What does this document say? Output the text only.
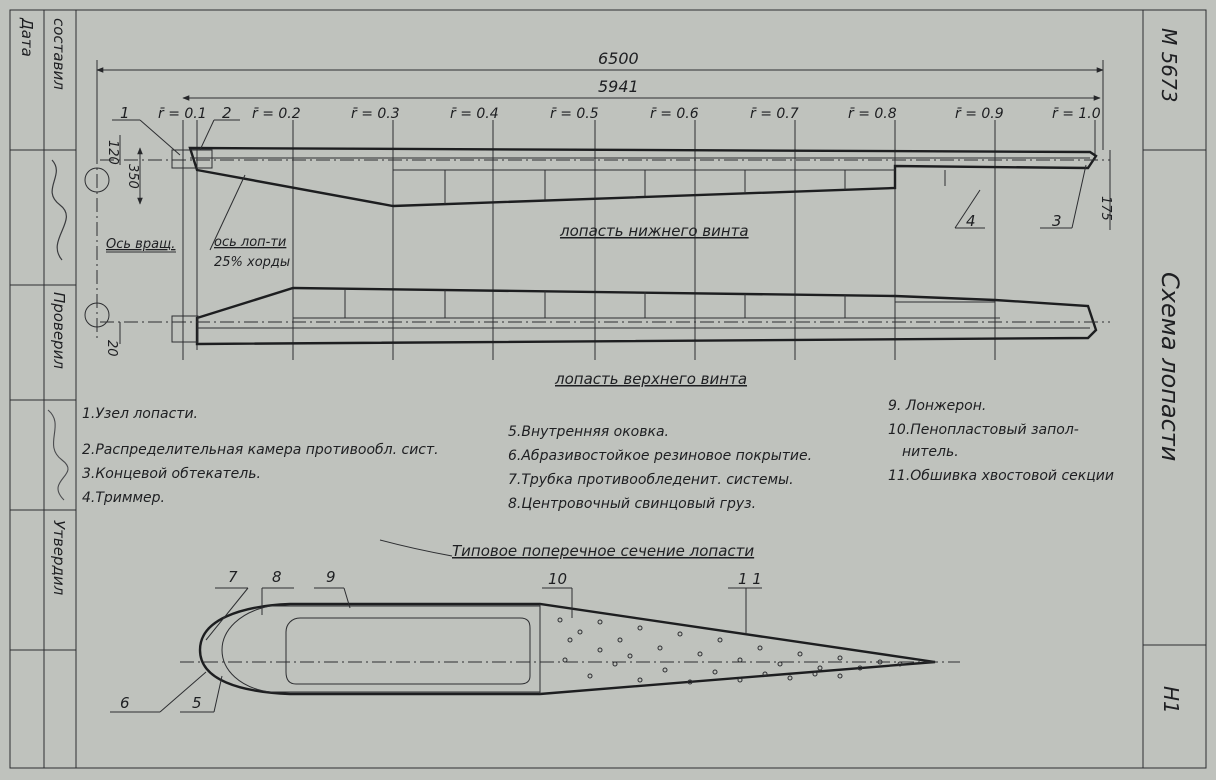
Дата составил
Проверил
Утвердил
М 5673
Схема лопасти
Н1
6500
5941
r̄ = 0.1	r̄ = 0.2	r̄ = 0.3	r̄ = 0.4	r̄ = 0.5	r̄ = 0.6	r̄ = 0.7	r̄ = 0.8	r̄ = 0.9	r̄ = 1.0
120
350
20
175
1	2
4	3
Ось вращ.	ось лоп-ти
25% хорды
лопасть нижнего винта
лопасть верхнего винта
1.Узел лопасти.
2.Распределительная камера противообл. сист.
3.Концевой обтекатель.
4.Триммер.
5.Внутренняя оковка.
6.Абразивостойкое резиновое покрытие.
7.Трубка противообледенит. системы.
8.Центровочный свинцовый груз.
9. Лонжерон.
10.Пенопластовый запол-
нитель.
11.Обшивка хвостовой секции
Типовое поперечное сечение лопасти
7 8	9	10	1 1
6	5
